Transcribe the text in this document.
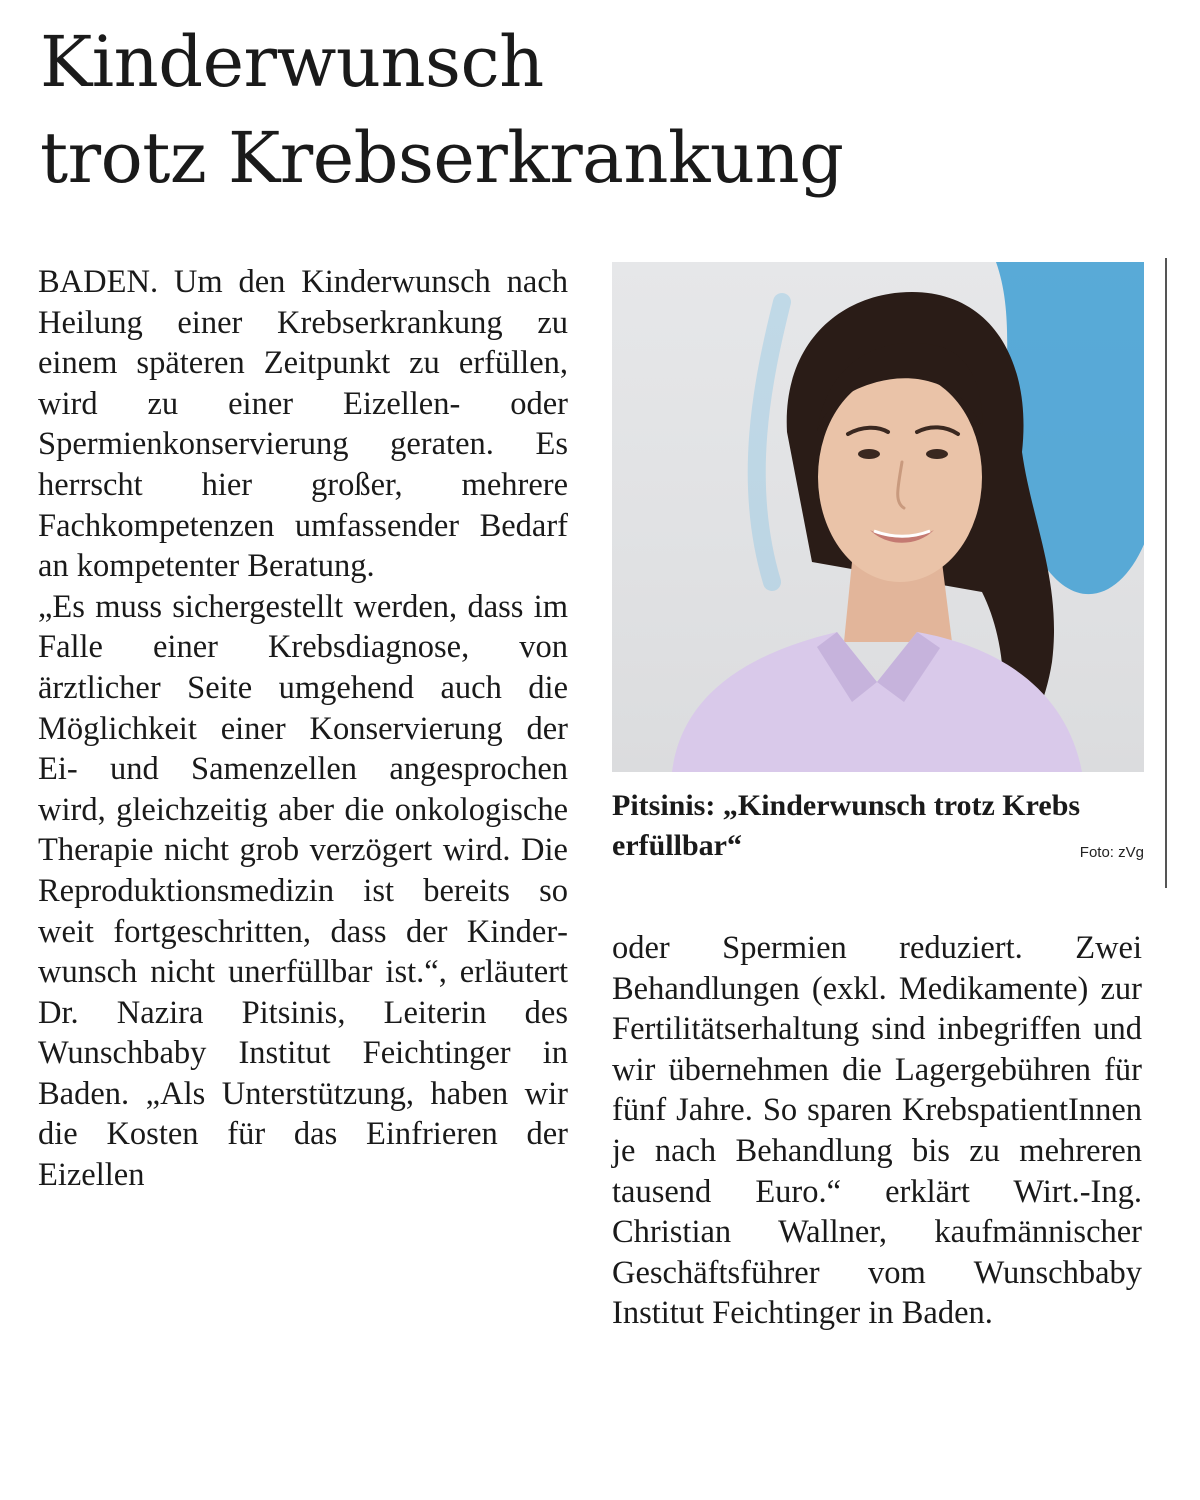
Kinderwunsch
trotz Krebserkrankung

BADEN. Um den Kinderwunsch nach Heilung einer Krebserkrankung zu einem späteren Zeitpunkt zu erfüllen, wird zu einer Eizellen- oder Spermienkonservierung geraten. Es herrscht hier großer, mehrere Fachkompetenzen umfassender Bedarf an kompetenter Beratung.

„Es muss sichergestellt werden, dass im Falle einer Krebsdiagnose, von ärztlicher Seite umgehend auch die Möglichkeit einer Konservierung der Ei- und Samenzellen angesprochen wird, gleichzeitig aber die onkologische Therapie nicht grob verzögert wird. Die Reproduktionsmedizin ist bereits so weit fortgeschritten, dass der Kinderwunsch nicht unerfüllbar ist.“, erläutert Dr. Nazira Pitsinis, Leiterin des Wunschbaby Institut Feichtinger in Baden. „Als Unterstützung, haben wir die Kosten für das Einfrieren der Eizellen

Pitsinis: „Kinderwunsch trotz Krebs erfüllbar“	Foto: zVg

oder Spermien reduziert. Zwei Behandlungen (exkl. Medikamente) zur Fertilitätserhaltung sind inbegriffen und wir übernehmen die Lagergebühren für fünf Jahre. So sparen KrebspatientInnen je nach Behandlung bis zu mehreren tausend Euro.“ erklärt Wirt.-Ing. Christian Wallner, kaufmännischer Geschäftsführer vom Wunschbaby Institut Feichtinger in Baden.
